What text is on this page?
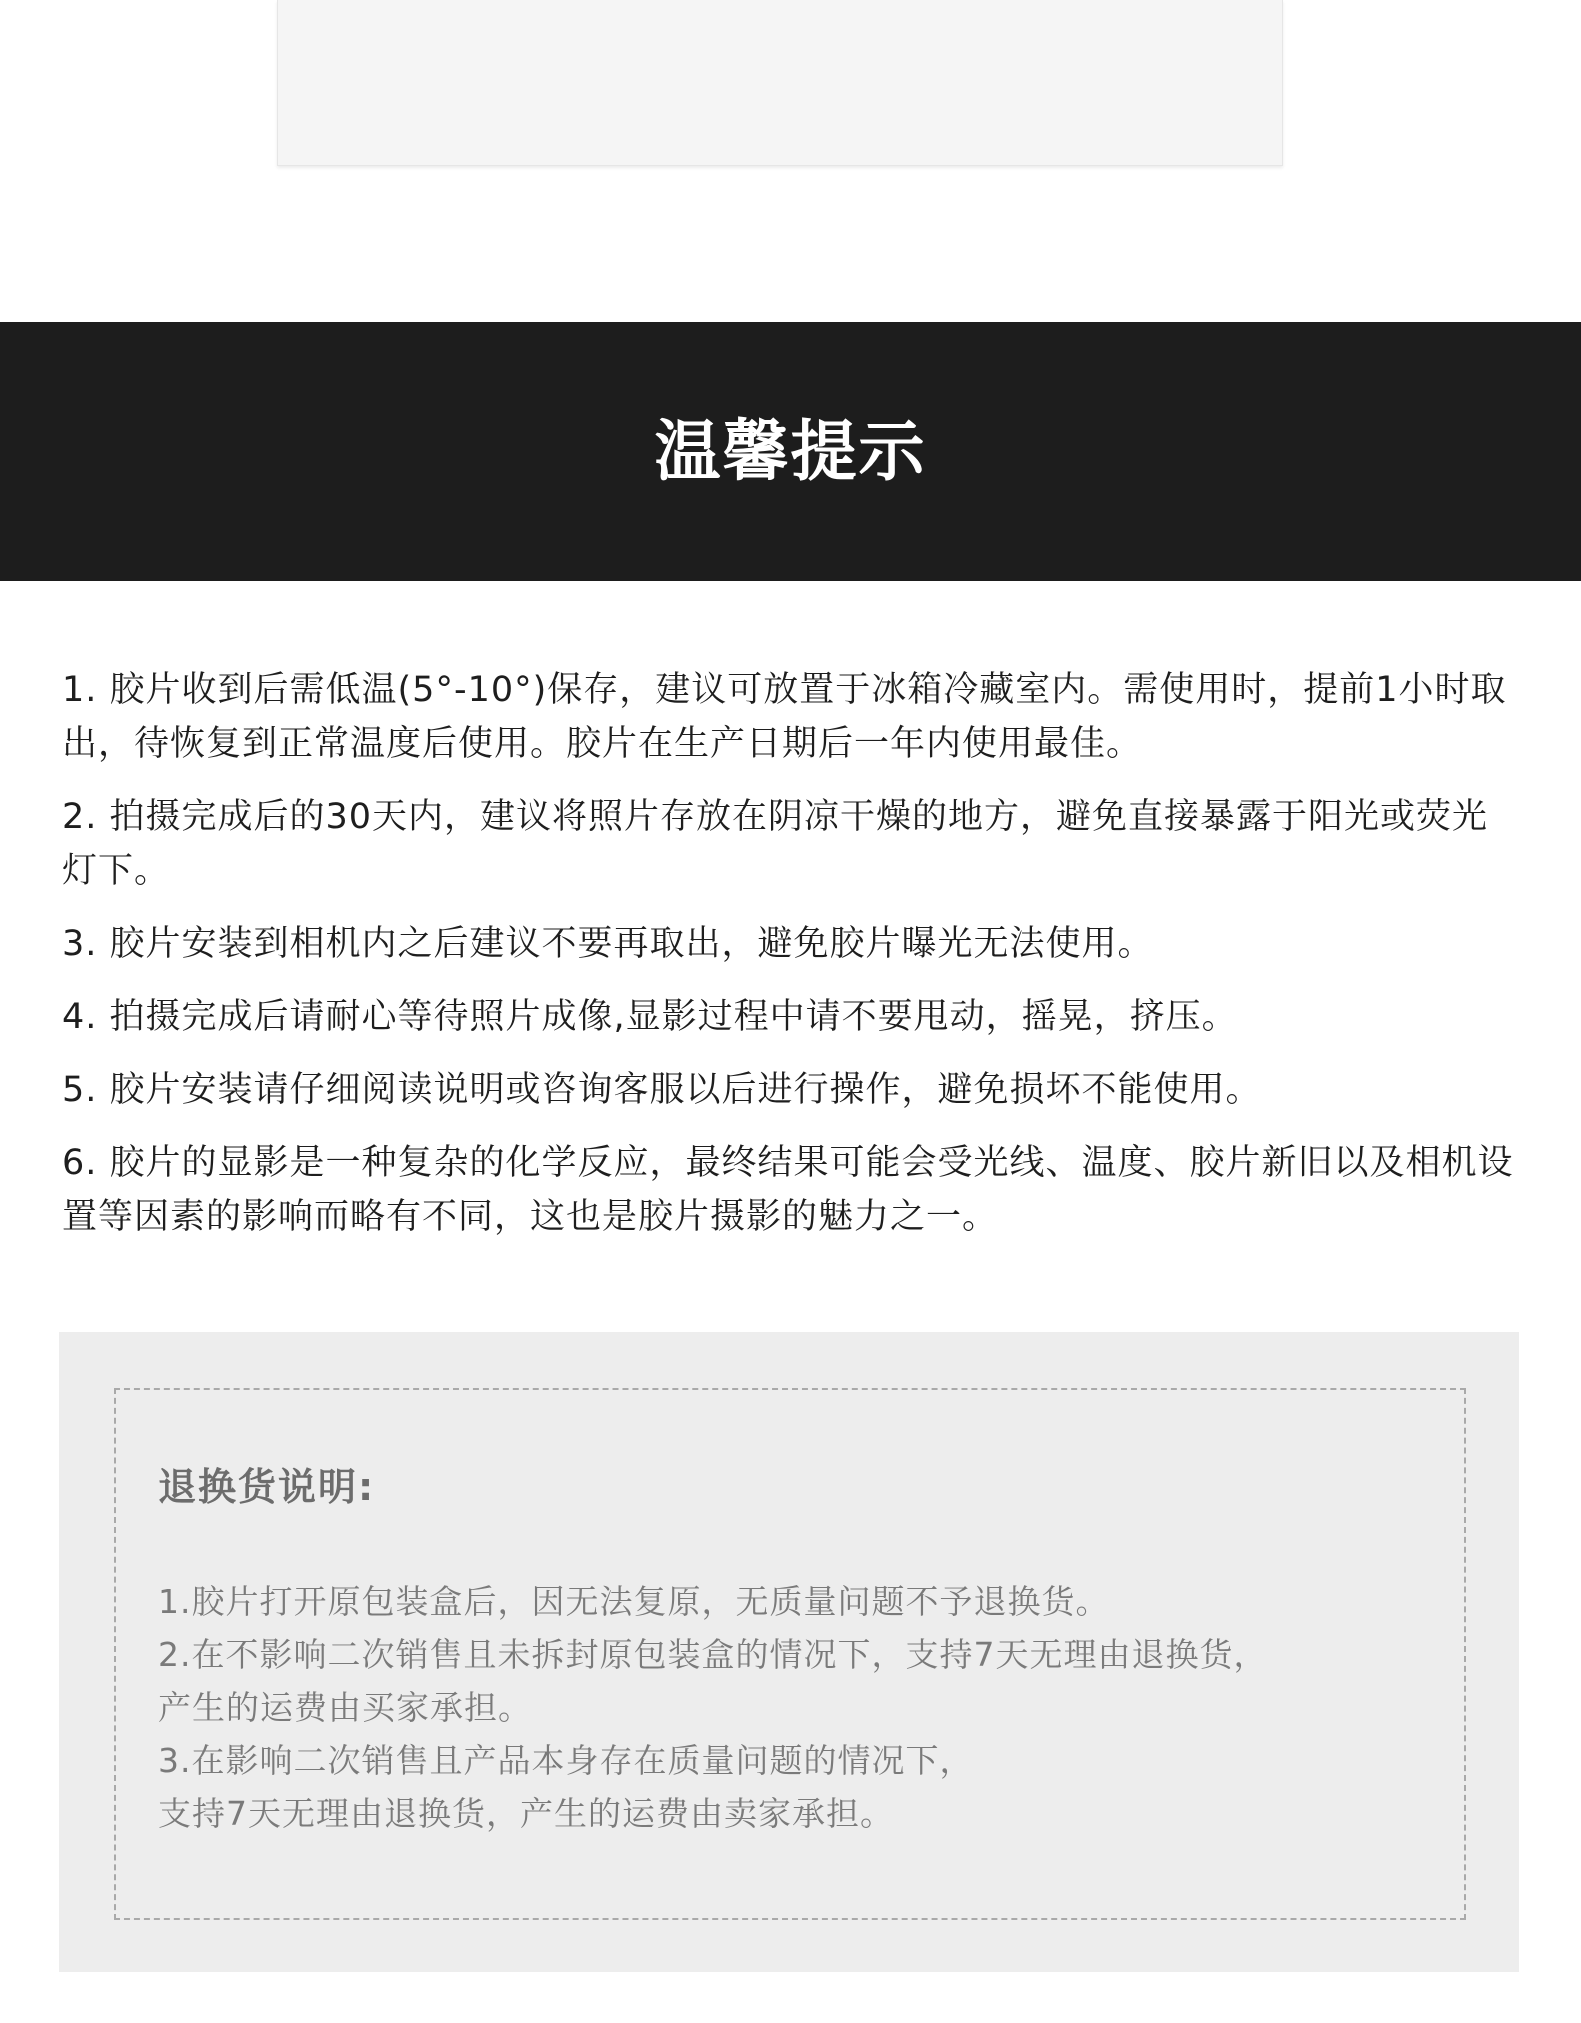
温馨提示
1. 胶片收到后需低温(5°-10°)保存，建议可放置于冰箱冷藏室内。需使用时，提前1小时取出，待恢复到正常温度后使用。胶片在生产日期后一年内使用最佳。
2. 拍摄完成后的30天内，建议将照片存放在阴凉干燥的地方，避免直接暴露于阳光或荧光灯下。
3. 胶片安装到相机内之后建议不要再取出，避免胶片曝光无法使用。
4. 拍摄完成后请耐心等待照片成像,显影过程中请不要甩动，摇晃，挤压。
5. 胶片安装请仔细阅读说明或咨询客服以后进行操作，避免损坏不能使用。
6. 胶片的显影是一种复杂的化学反应，最终结果可能会受光线、温度、胶片新旧以及相机设置等因素的影响而略有不同，这也是胶片摄影的魅力之一。
退换货说明:
1.胶片打开原包装盒后，因无法复原，无质量问题不予退换货。
2.在不影响二次销售且未拆封原包装盒的情况下，支持7天无理由退换货，
产生的运费由买家承担。
3.在影响二次销售且产品本身存在质量问题的情况下，
支持7天无理由退换货，产生的运费由卖家承担。
